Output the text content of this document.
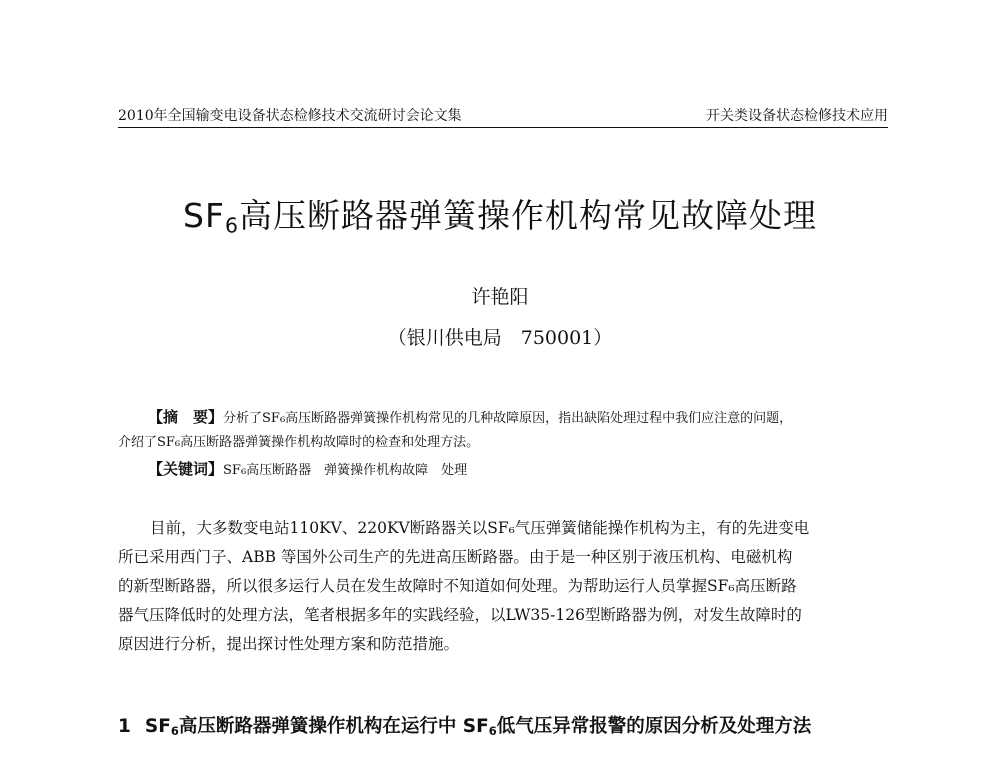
2010年全国输变电设备状态检修技术交流研讨会论文集	开关类设备状态检修技术应用
$SF_6$高压断路器弹簧操作机构常见故障处理
许艳阳
（银川供电局　750001）
【摘　要】分析了SF₆高压断路器弹簧操作机构常见的几种故障原因，指出缺陷处理过程中我们应注意的问题，
介绍了SF₆高压断路器弹簧操作机构故障时的检查和处理方法。
【关键词】SF₆高压断路器　弹簧操作机构故障　处理
目前，大多数变电站110KV、220KV断路器关以SF₆气压弹簧储能操作机构为主，有的先进变电
所已采用西门子、ABB 等国外公司生产的先进高压断路器。由于是一种区别于液压机构、电磁机构
的新型断路器，所以很多运行人员在发生故障时不知道如何处理。为帮助运行人员掌握SF₆高压断路
器气压降低时的处理方法，笔者根据多年的实践经验，以LW35-126型断路器为例，对发生故障时的
原因进行分析，提出探讨性处理方案和防范措施。
1 $SF_6$高压断路器弹簧操作机构在运行中 $SF_6$低气压异常报警的原因分析及处理方法
